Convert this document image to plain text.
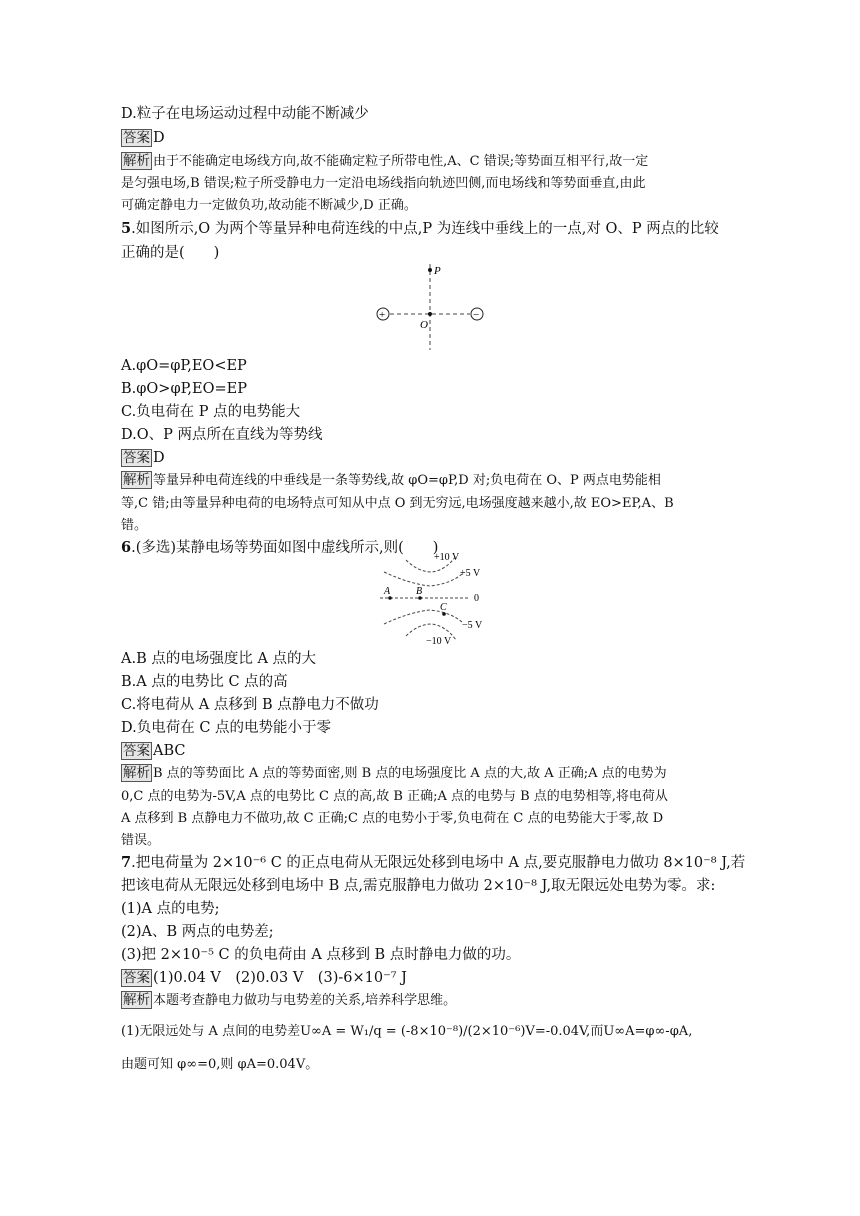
D.粒子在电场运动过程中动能不断减少
答案 D
解析 由于不能确定电场线方向,故不能确定粒子所带电性,A、C 错误;等势面互相平行,故一定
是匀强电场,B 错误;粒子所受静电力一定沿电场线指向轨迹凹侧,而电场线和等势面垂直,由此
可确定静电力一定做负功,故动能不断减少,D 正确。
5.如图所示,O 为两个等量异种电荷连线的中点,P 为连线中垂线上的一点,对 O、P 两点的比较
正确的是(　　)
A.φO=φP,EO<EP
B.φO>φP,EO=EP
C.负电荷在 P 点的电势能大
D.O、P 两点所在直线为等势线
答案 D
解析 等量异种电荷连线的中垂线是一条等势线,故 φO=φP,D 对;负电荷在 O、P 两点电势能相
等,C 错;由等量异种电荷的电场特点可知从中点 O 到无穷远,电场强度越来越小,故 EO>EP,A、B
错。
6.(多选)某静电场等势面如图中虚线所示,则(　　)
A.B 点的电场强度比 A 点的大
B.A 点的电势比 C 点的高
C.将电荷从 A 点移到 B 点静电力不做功
D.负电荷在 C 点的电势能小于零
答案 ABC
解析 B 点的等势面比 A 点的等势面密,则 B 点的电场强度比 A 点的大,故 A 正确;A 点的电势为
0,C 点的电势为-5V,A 点的电势比 C 点的高,故 B 正确;A 点的电势与 B 点的电势相等,将电荷从
A 点移到 B 点静电力不做功,故 C 正确;C 点的电势小于零,负电荷在 C 点的电势能大于零,故 D
错误。
7.把电荷量为 2×10⁻⁶ C 的正点电荷从无限远处移到电场中 A 点,要克服静电力做功 8×10⁻⁸ J,若
把该电荷从无限远处移到电场中 B 点,需克服静电力做功 2×10⁻⁸ J,取无限远处电势为零。求:
(1)A 点的电势;
(2)A、B 两点的电势差;
(3)把 2×10⁻⁵ C 的负电荷由 A 点移到 B 点时静电力做的功。
答案 (1)0.04 V　(2)0.03 V　(3)-6×10⁻⁷ J
解析 本题考查静电力做功与电势差的关系,培养科学思维。
(1)无限远处与 A 点间的电势差U∞A = W₁/q = (-8×10⁻⁸)/(2×10⁻⁶)V=-0.04V,而U∞A=φ∞-φA,
由题可知 φ∞=0,则 φA=0.04V。
P
O
+	−
A	B
C
+10 V
+5 V
0
−5 V
−10 V
